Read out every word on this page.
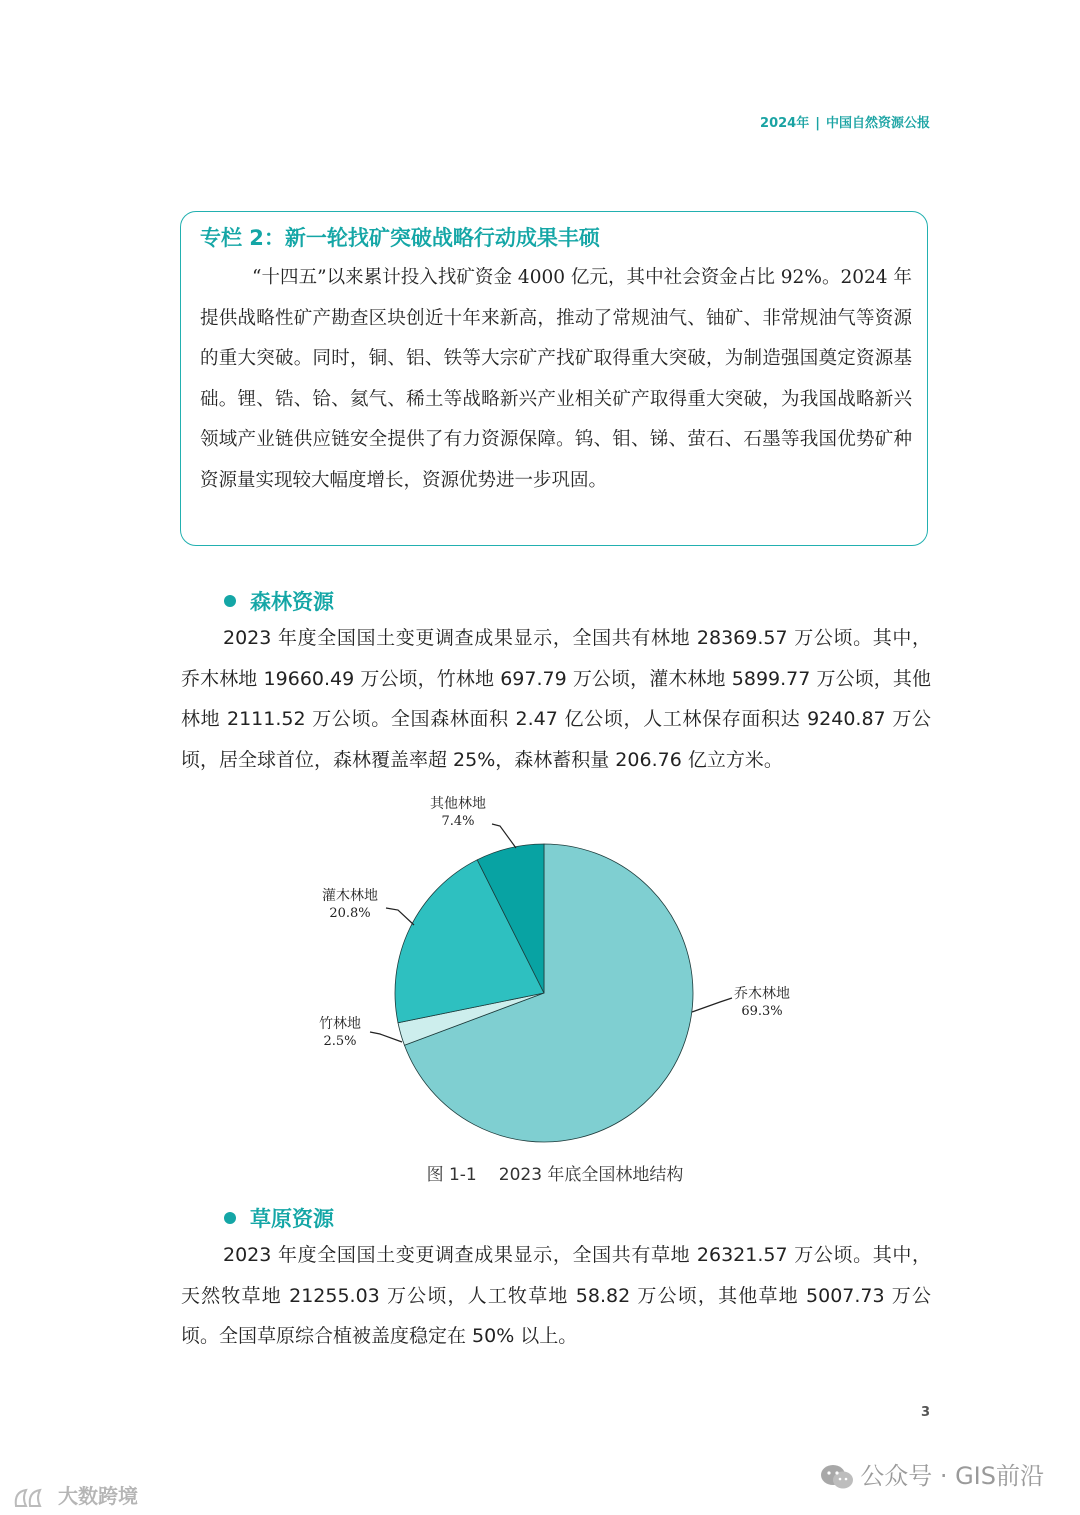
2024年 | 中国自然资源公报
专栏 2：新一轮找矿突破战略行动成果丰硕
“十四五”以来累计投入找矿资金 4000 亿元，其中社会资金占比 92%。2024 年提供战略性矿产勘查区块创近十年来新高，推动了常规油气、铀矿、非常规油气等资源的重大突破。同时，铜、铝、铁等大宗矿产找矿取得重大突破，为制造强国奠定资源基础。锂、锆、铪、氦气、稀土等战略新兴产业相关矿产取得重大突破，为我国战略新兴领域产业链供应链安全提供了有力资源保障。钨、钼、锑、萤石、石墨等我国优势矿种资源量实现较大幅度增长，资源优势进一步巩固。
森林资源
2023 年度全国国土变更调查成果显示，全国共有林地 28369.57 万公顷。其中，乔木林地 19660.49 万公顷，竹林地 697.79 万公顷，灌木林地 5899.77 万公顷，其他林地 2111.52 万公顷。全国森林面积 2.47 亿公顷，人工林保存面积达 9240.87 万公顷，居全球首位，森林覆盖率超 25%，森林蓄积量 206.76 亿立方米。
乔木林地
69.3%
竹林地
2.5%
灌木林地
20.8%
其他林地
7.4%
图 1-1 2023 年底全国林地结构
草原资源
2023 年度全国国土变更调查成果显示，全国共有草地 26321.57 万公顷。其中，天然牧草地 21255.03 万公顷，人工牧草地 58.82 万公顷，其他草地 5007.73 万公顷。全国草原综合植被盖度稳定在 50% 以上。
3
公众号 · GIS前沿
大数跨境
